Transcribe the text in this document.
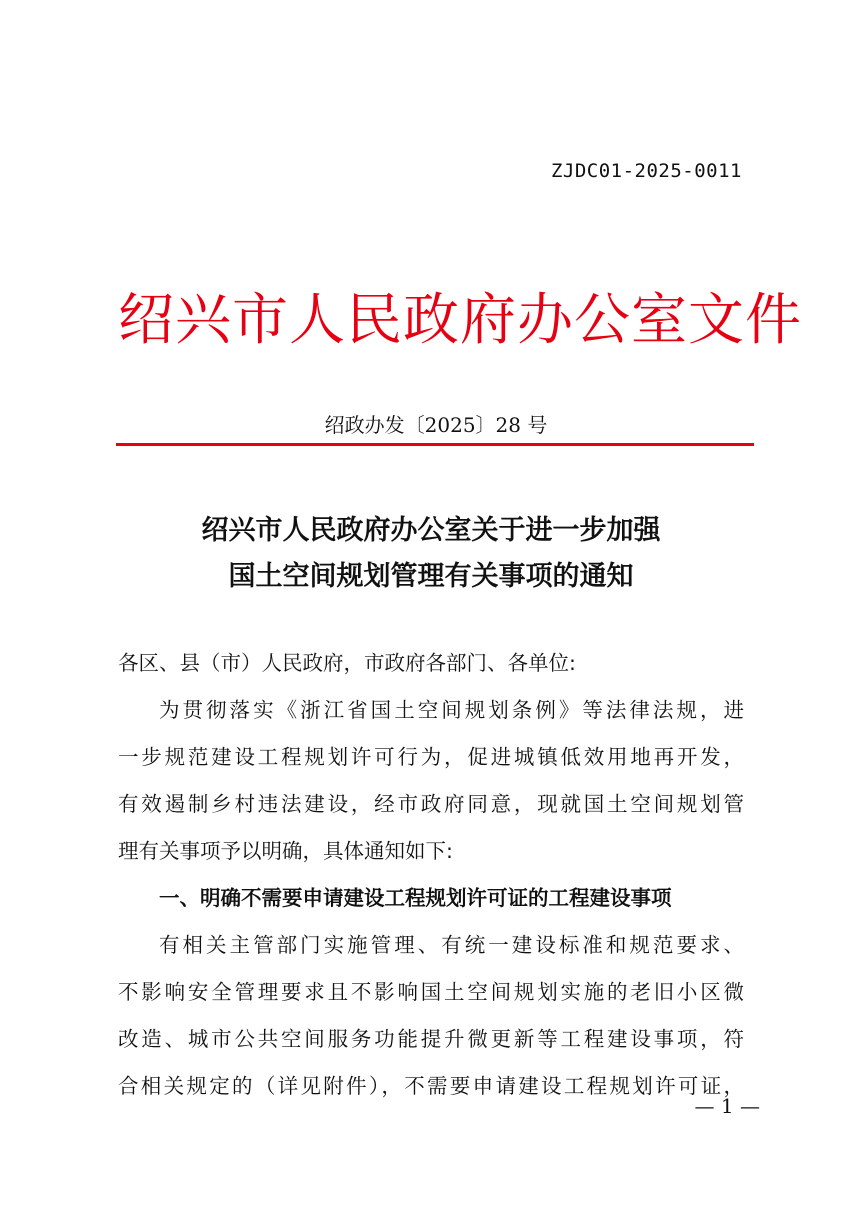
ZJDC01-2025-0011
绍兴市人民政府办公室文件
绍政办发〔2025〕28 号
绍兴市人民政府办公室关于进一步加强
国土空间规划管理有关事项的通知
各区、县（市）人民政府，市政府各部门、各单位:
为贯彻落实《浙江省国土空间规划条例》等法律法规，进
一步规范建设工程规划许可行为，促进城镇低效用地再开发，
有效遏制乡村违法建设，经市政府同意，现就国土空间规划管
理有关事项予以明确，具体通知如下:
一、明确不需要申请建设工程规划许可证的工程建设事项
有相关主管部门实施管理、有统一建设标准和规范要求、
不影响安全管理要求且不影响国土空间规划实施的老旧小区微
改造、城市公共空间服务功能提升微更新等工程建设事项，符
合相关规定的（详见附件），不需要申请建设工程规划许可证，
— 1 —
